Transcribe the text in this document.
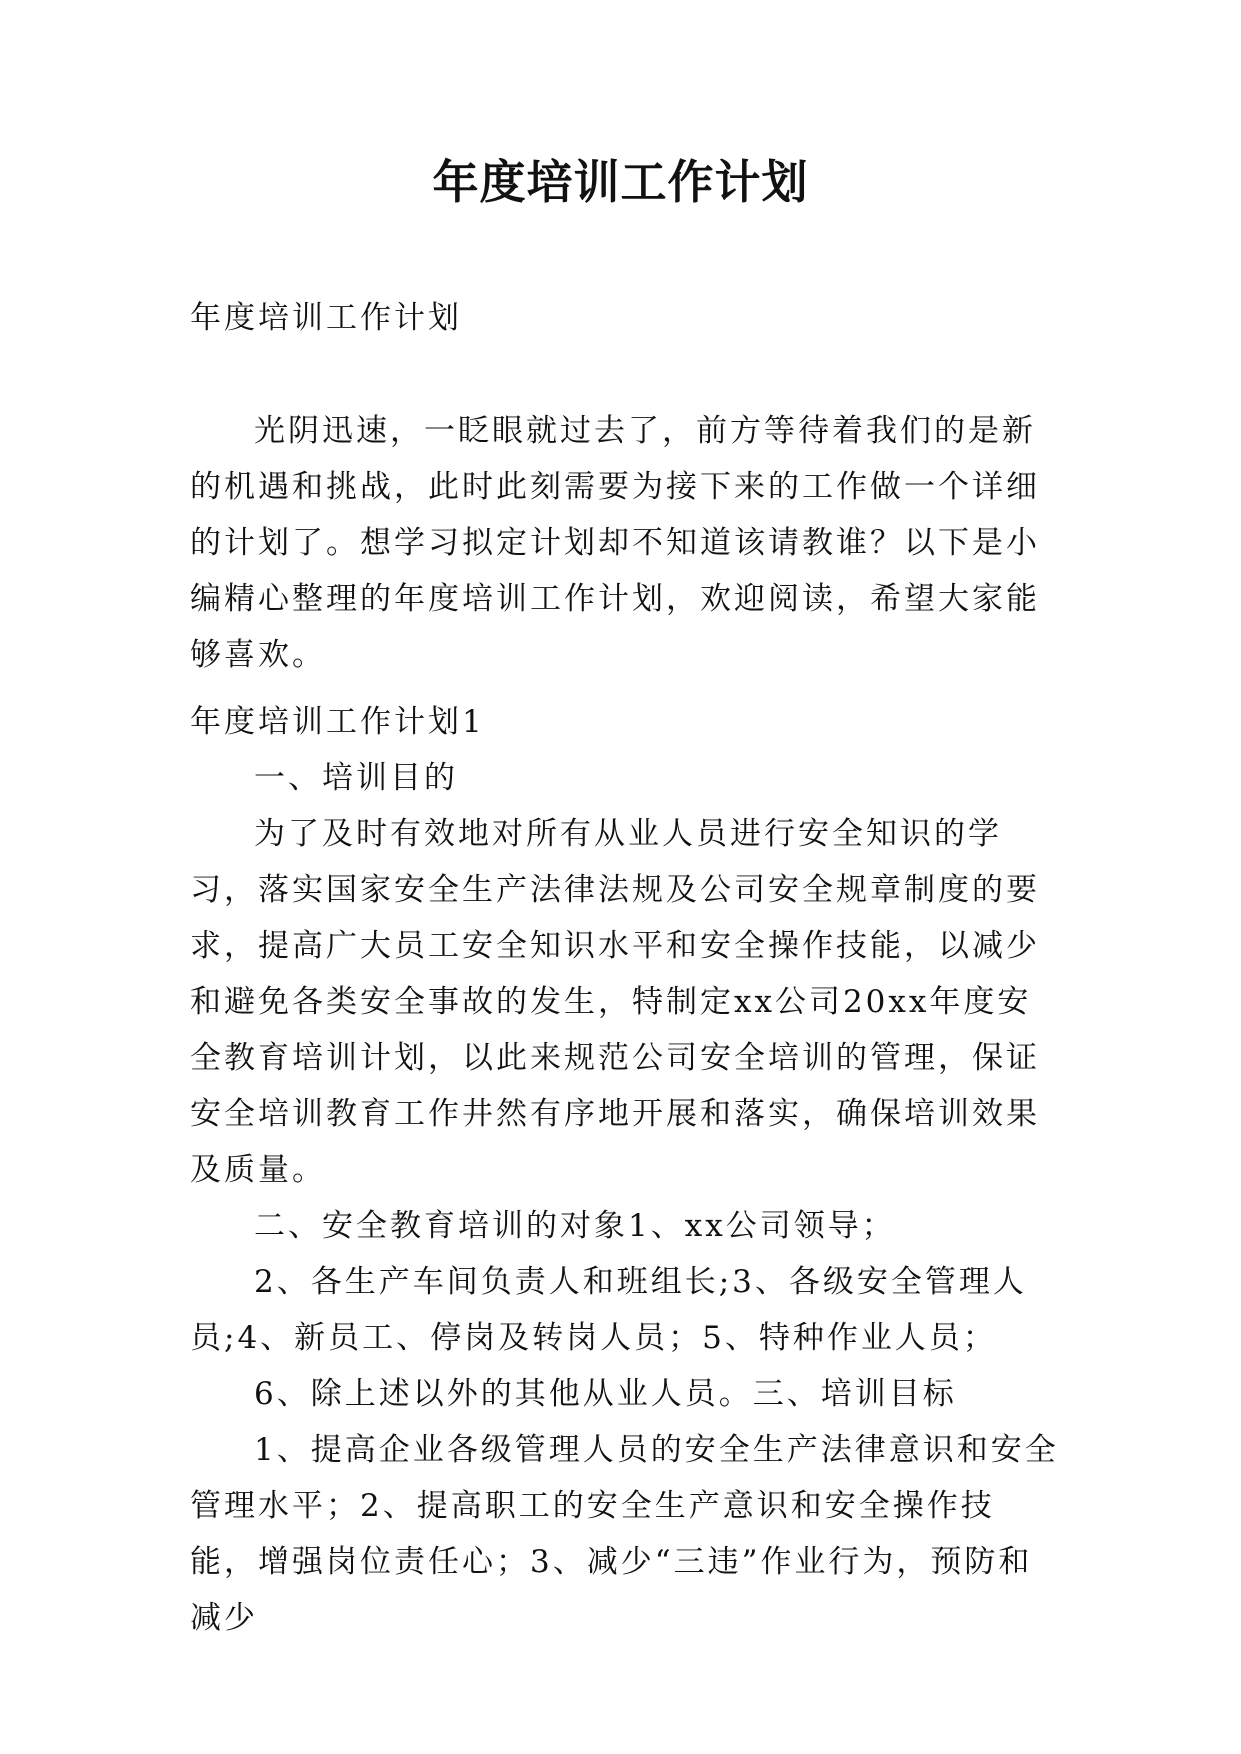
年度培训工作计划
年度培训工作计划

光阴迅速，一眨眼就过去了，前方等待着我们的是新的机遇和挑战，此时此刻需要为接下来的工作做一个详细的计划了。想学习拟定计划却不知道该请教谁？以下是小编精心整理的年度培训工作计划，欢迎阅读，希望大家能够喜欢。

年度培训工作计划1

一、培训目的

为了及时有效地对所有从业人员进行安全知识的学习，落实国家安全生产法律法规及公司安全规章制度的要求，提高广大员工安全知识水平和安全操作技能，以减少和避免各类安全事故的发生，特制定xx公司20xx年度安全教育培训计划，以此来规范公司安全培训的管理，保证安全培训教育工作井然有序地开展和落实，确保培训效果及质量。

二、安全教育培训的对象1、xx公司领导；

2、各生产车间负责人和班组长;3、各级安全管理人员;4、新员工、停岗及转岗人员；5、特种作业人员；

6、除上述以外的其他从业人员。三、培训目标

1、提高企业各级管理人员的安全生产法律意识和安全管理水平；2、提高职工的安全生产意识和安全操作技能，增强岗位责任心；3、减少“三违”作业行为，预防和减少
